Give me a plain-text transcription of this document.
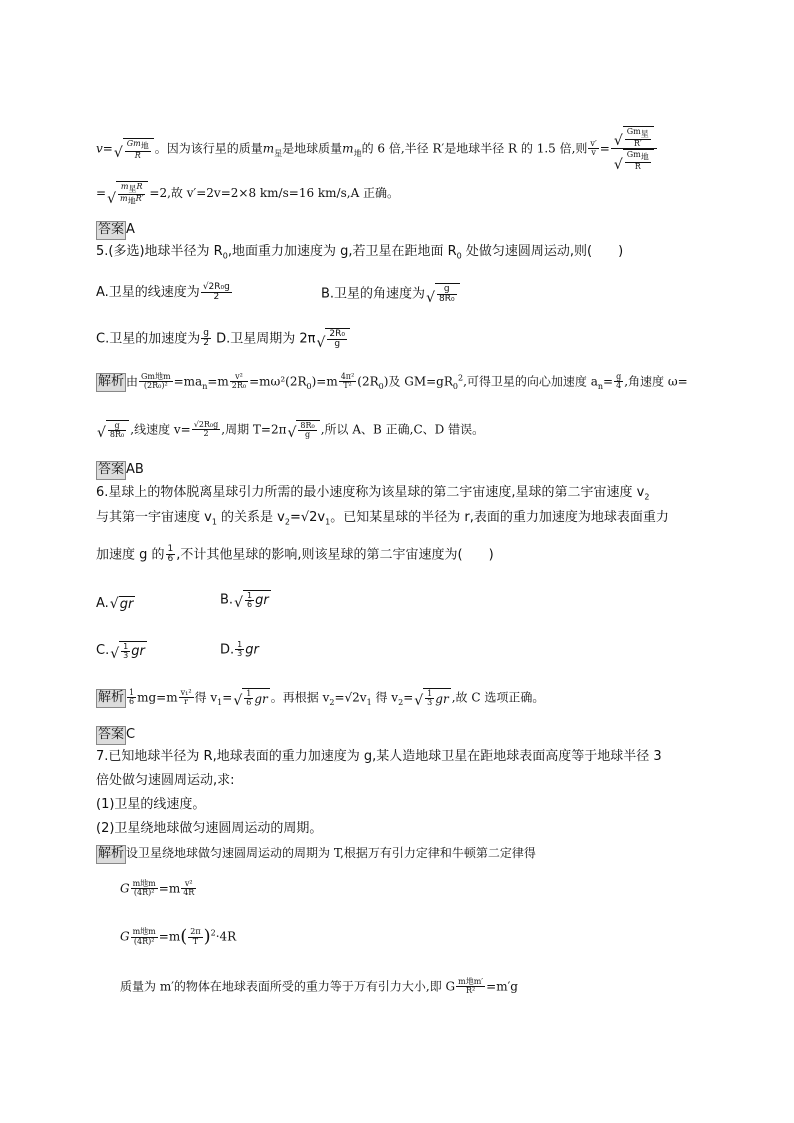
v= √
$Gm_地$
R	。因为该行星的质量$m_星$是地球质量$m_地$的 6 倍,半径 R′是地球半径 R 的 1.5 倍,则 $\frac{v'}{v}$ = √
$Gm_星$
R′
√
$Gm_地$
R
= √
$m_星R$
$m_地R' =2$,故 v′=2v=2×8 km/s=16 km/s,A 正确。
答案 A
5.(多选)地球半径为 $R_0$,地面重力加速度为 g,若卫星在距地面 $R_0$ 处做匀速圆周运动,则(　　)
A.卫星的线速度为 $\frac{\text{√2R₀g}}{2}$	B.卫星的角速度为 √ $\frac{g}{\text{8R₀}}$
C.卫星的加速度为 $\frac{g}{2} D$.卫星周期为 2π √ $\frac{\text{2R₀}}{g}$
解析 由 Gm地m
$(2R_0)^2 =ma_n=m \frac{\text{v²}}{\text{2R₀}} =m\omega^2(2R_0)=m \frac{\text{4π²}}{\text{T²}} (2R_0)$及 $GM=gR_0^2$,可得卫星的向心加速度 $a_n= \frac{g}{4}$ ,角速度 ω=
√ $\frac{g}{\text{8R₀}}$ ,线速度 $v= \frac{\text{√2R₀g}}{2}$ ,周期 T=2π √ $\frac{\text{8R₀}}{g}$ ,所以 A、B 正确,C、D 错误。
答案 AB
6.星球上的物体脱离星球引力所需的最小速度称为该星球的第二宇宙速度,星球的第二宇宙速度 $v_2$
与其第一宇宙速度 $v_1$ 的关系是 $v_2=√2v_1$。已知某星球的半径为 r,表面的重力加速度为地球表面重力
加速度 g 的 $\frac{1}{6}$ ,不计其他星球的影响,则该星球的第二宇宙速度为(　　)
A. √ gr	B. √ $\frac{1}{6}$ gr
C. √ $\frac{1}{3}$ gr	D. $\frac{1}{3}$ gr
解析 $\frac{1}{6} mg=m \frac{\text{v₁²}}{r}$ 得 $v_1=$ √ $\frac{1}{6}$ gr 。再根据 $v_2=√2v_1$ 得 $v_2=$ √ $\frac{1}{3}$ gr ,故 C 选项正确。
答案 C
7.已知地球半径为 R,地球表面的重力加速度为 g,某人造地球卫星在距地球表面高度等于地球半径 3
倍处做匀速圆周运动,求:
(1)卫星的线速度。
(2)卫星绕地球做匀速圆周运动的周期。
解析 设卫星绕地球做匀速圆周运动的周期为 T,根据万有引力定律和牛顿第二定律得
G m地m
$(4R)^2 =m \frac{\text{v²}}{4R}$
G m地m
$(4R)^2 =m( \frac{2\pi}{T} )^2\cdot 4R$
质量为 m′的物体在地球表面所受的重力等于万有引力大小,即 G m地m′
R² =m′g
